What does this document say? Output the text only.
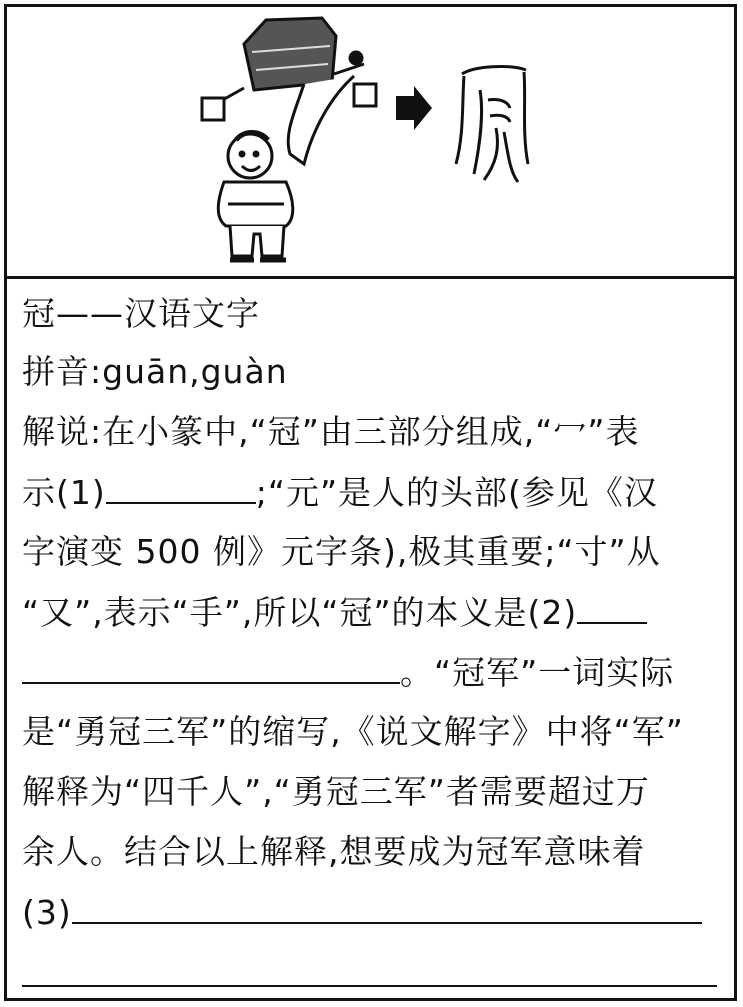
冠——汉语文字
拼音:guān,guàn
解说:在小篆中,“冠”由三部分组成,“冖”表
示(1)	;“元”是人的头部(参见《汉
字演变 500 例》元字条),极其重要;“寸”从
“又”,表示“手”,所以“冠”的本义是(2)
。“冠军”一词实际
是“勇冠三军”的缩写,《说文解字》中将“军”
解释为“四千人”,“勇冠三军”者需要超过万
余人。结合以上解释,想要成为冠军意味着
(3)
